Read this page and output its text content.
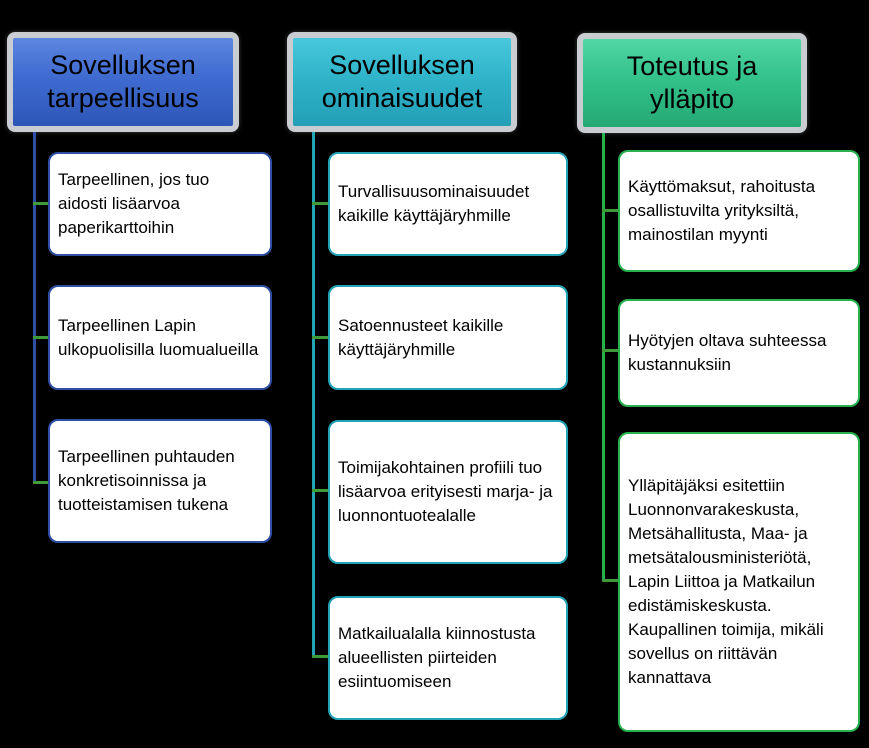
Sovelluksen tarpeellisuus
Tarpeellinen, jos tuo aidosti lisäarvoa paperikarttoihin
Tarpeellinen Lapin ulkopuolisilla luomualueilla
Tarpeellinen puhtauden konkretisoinnissa ja tuotteistamisen tukena
Sovelluksen ominaisuudet
Turvallisuusominaisuudet kaikille käyttäjäryhmille
Satoennusteet kaikille käyttäjäryhmille
Toimijakohtainen profiili tuo lisäarvoa erityisesti marja- ja luonnontuotealalle
Matkailualalla kiinnostusta alueellisten piirteiden esiintuomiseen
Toteutus ja ylläpito
Käyttömaksut, rahoitusta osallistuvilta yrityksiltä, mainostilan myynti
Hyötyjen oltava suhteessa kustannuksiin
Ylläpitäjäksi esitettiin Luonnonvarakeskusta, Metsähallitusta, Maa- ja metsätalousministeriötä, Lapin Liittoa ja Matkailun edistämiskeskusta. Kaupallinen toimija, mikäli sovellus on riittävän kannattava
